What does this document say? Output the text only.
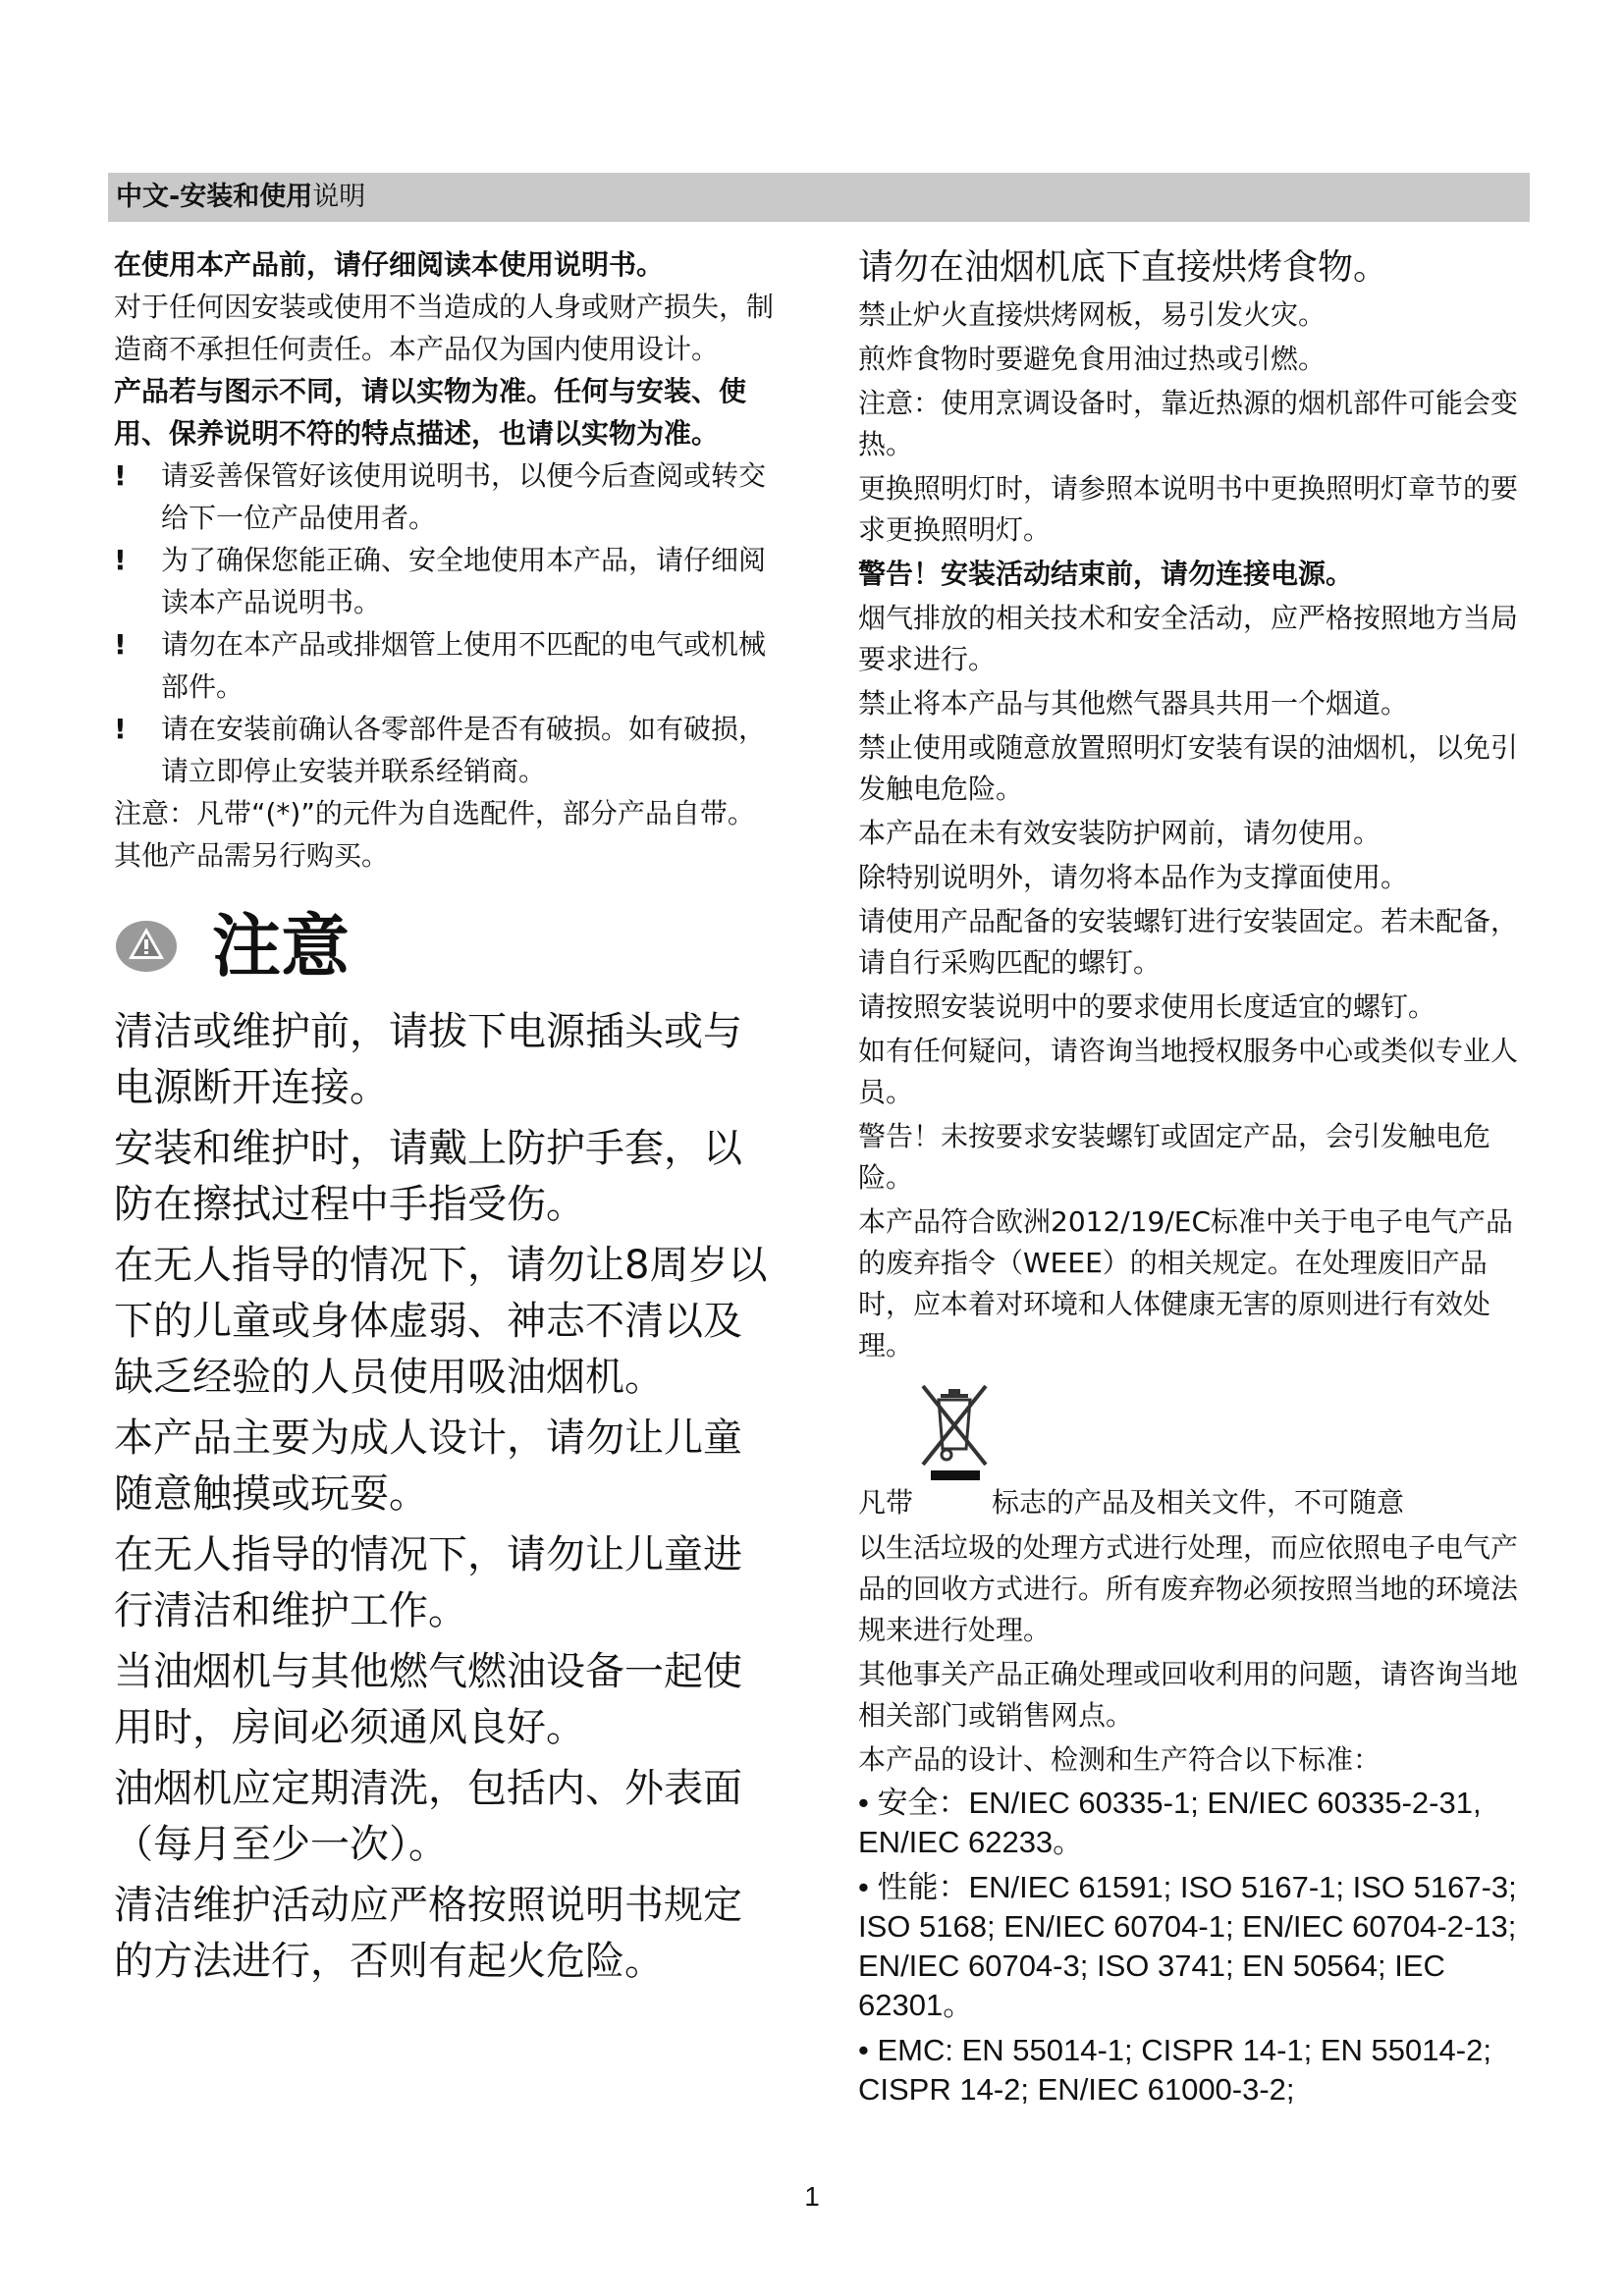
中文-安装和使用说明

在使用本产品前，请仔细阅读本使用说明书。

对于任何因安装或使用不当造成的人身或财产损失，制造商不承担任何责任。本产品仅为国内使用设计。

产品若与图示不同，请以实物为准。任何与安装、使用、保养说明不符的特点描述，也请以实物为准。

! 请妥善保管好该使用说明书，以便今后查阅或转交给下一位产品使用者。
! 为了确保您能正确、安全地使用本产品，请仔细阅读本产品说明书。
! 请勿在本产品或排烟管上使用不匹配的电气或机械部件。
! 请在安装前确认各零部件是否有破损。如有破损，请立即停止安装并联系经销商。

注意：凡带“(*)”的元件为自选配件，部分产品自带。其他产品需另行购买。

注意

清洁或维护前，请拔下电源插头或与电源断开连接。

安装和维护时，请戴上防护手套，以防在擦拭过程中手指受伤。

在无人指导的情况下，请勿让8周岁以下的儿童或身体虚弱、神志不清以及缺乏经验的人员使用吸油烟机。

本产品主要为成人设计，请勿让儿童随意触摸或玩耍。

在无人指导的情况下，请勿让儿童进行清洁和维护工作。

当油烟机与其他燃气燃油设备一起使用时，房间必须通风良好。

油烟机应定期清洗，包括内、外表面（每月至少一次）。

清洁维护活动应严格按照说明书规定的方法进行，否则有起火危险。

请勿在油烟机底下直接烘烤食物。

禁止炉火直接烘烤网板，易引发火灾。

煎炸食物时要避免食用油过热或引燃。

注意：使用烹调设备时，靠近热源的烟机部件可能会变热。

更换照明灯时，请参照本说明书中更换照明灯章节的要求更换照明灯。

警告！安装活动结束前，请勿连接电源。

烟气排放的相关技术和安全活动，应严格按照地方当局要求进行。

禁止将本产品与其他燃气器具共用一个烟道。

禁止使用或随意放置照明灯安装有误的油烟机，以免引发触电危险。

本产品在未有效安装防护网前，请勿使用。

除特别说明外，请勿将本品作为支撑面使用。

请使用产品配备的安装螺钉进行安装固定。若未配备，请自行采购匹配的螺钉。

请按照安装说明中的要求使用长度适宜的螺钉。

如有任何疑问，请咨询当地授权服务中心或类似专业人员。

警告！未按要求安装螺钉或固定产品，会引发触电危险。

本产品符合欧洲2012/19/EC标准中关于电子电气产品的废弃指令（WEEE）的相关规定。在处理废旧产品时，应本着对环境和人体健康无害的原则进行有效处理。

凡带	标志的产品及相关文件，不可随意

以生活垃圾的处理方式进行处理，而应依照电子电气产品的回收方式进行。所有废弃物必须按照当地的环境法规来进行处理。

其他事关产品正确处理或回收利用的问题，请咨询当地相关部门或销售网点。

本产品的设计、检测和生产符合以下标准：

• 安全：EN/IEC 60335-1; EN/IEC 60335-2-31, EN/IEC 62233。

• 性能：EN/IEC 61591; ISO 5167-1; ISO 5167-3; ISO 5168; EN/IEC 60704-1; EN/IEC 60704-2-13; EN/IEC 60704-3; ISO 3741; EN 50564; IEC 62301。

• EMC: EN 55014-1; CISPR 14-1; EN 55014-2; CISPR 14-2; EN/IEC 61000-3-2;

1
